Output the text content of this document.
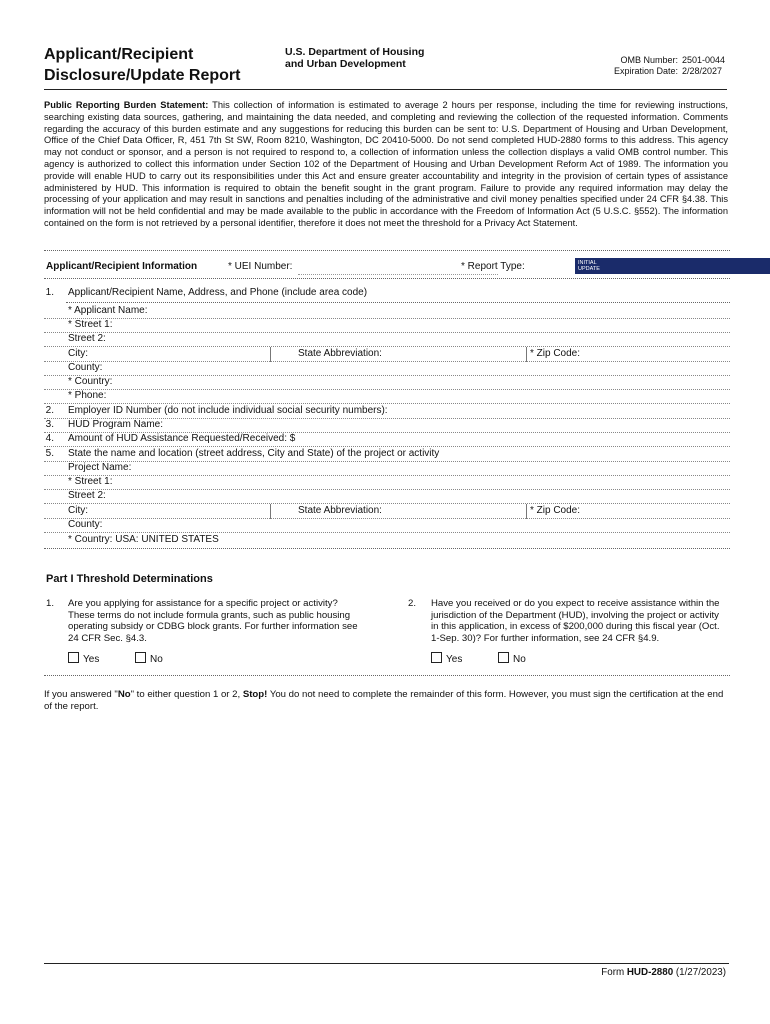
Applicant/Recipient
Disclosure/Update Report
U.S. Department of Housing
and Urban Development	OMB Number: 2501-0044
Expiration Date: 2/28/2027
Public Reporting Burden Statement: This collection of information is estimated to average 2 hours per response, including the time for reviewing instructions, searching existing data sources, gathering, and maintaining the data needed, and completing and reviewing the collection of the requested information. Comments regarding the accuracy of this burden estimate and any suggestions for reducing this burden can be sent to: U.S. Department of Housing and Urban Development, Office of the Chief Data Officer, R, 451 7th St SW, Room 8210, Washington, DC 20410-5000. Do not send completed HUD-2880 forms to this address. This agency may not conduct or sponsor, and a person is not required to respond to, a collection of information unless the collection displays a valid OMB control number. This agency is authorized to collect this information under Section 102 of the Department of Housing and Urban Development Reform Act of 1989. The information you provide will enable HUD to carry out its responsibilities under this Act and ensure greater accountability and integrity in the provision of certain types of assistance administered by HUD. This information is required to obtain the benefit sought in the grant program. Failure to provide any required information may delay the processing of your application and may result in sanctions and penalties including of the administrative and civil money penalties specified under 24 CFR §4.38. This information will not be held confidential and may be made available to the public in accordance with the Freedom of Information Act (5 U.S.C. §552). The information contained on the form is not retrieved by a personal identifier, therefore it does not meet the threshold for a Privacy Act Statement.
Applicant/Recipient Information	* UEI Number:	* Report Type:	INITIAL
UPDATE
1. Applicant/Recipient Name, Address, and Phone (include area code)
* Applicant Name:
* Street 1:
Street 2:
City:	State Abbreviation:	* Zip Code:
County:
* Country:
* Phone:
2. Employer ID Number (do not include individual social security numbers):
3. HUD Program Name:
4. Amount of HUD Assistance Requested/Received: $
5. State the name and location (street address, City and State) of the project or activity
Project Name:
* Street 1:
Street 2:
City:	State Abbreviation:	* Zip Code:
County:
* Country: USA: UNITED STATES
Part I Threshold Determinations
1. Are you applying for assistance for a specific project or activity? These terms do not include formula grants, such as public housing operating subsidy or CDBG block grants. For further information see 24 CFR Sec. §4.3.
Yes	No
2. Have you received or do you expect to receive assistance within the jurisdiction of the Department (HUD), involving the project or activity in this application, in excess of $200,000 during this fiscal year (Oct. 1-Sep. 30)? For further information, see 24 CFR §4.9.
Yes	No
If you answered "No" to either question 1 or 2, Stop! You do not need to complete the remainder of this form. However, you must sign the certification at the end of the report.
Form HUD-2880 (1/27/2023)
